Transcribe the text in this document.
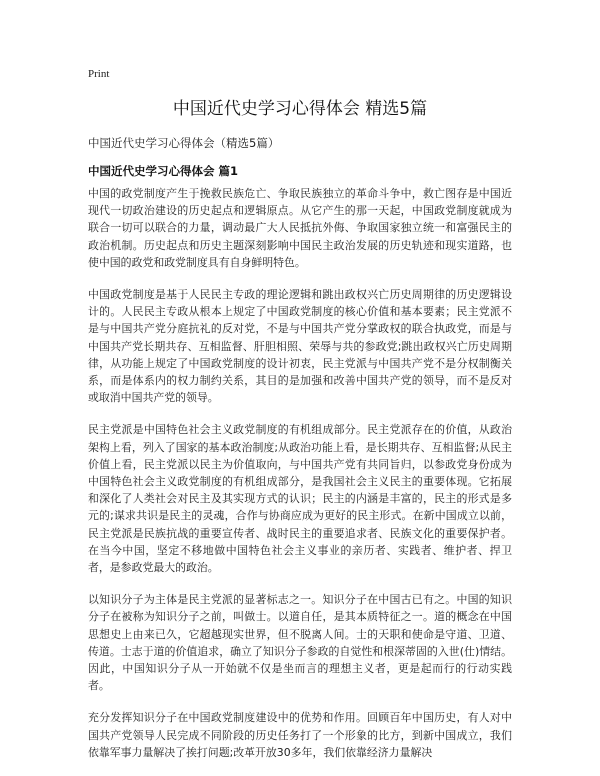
Print
中国近代史学习心得体会 精选5篇
中国近代史学习心得体会（精选5篇）
中国近代史学习心得体会 篇1

中国的政党制度产生于挽救民族危亡、争取民族独立的革命斗争中，救亡图存是中国近现代一切政治建设的历史起点和逻辑原点。从它产生的那一天起，中国政党制度就成为联合一切可以联合的力量，调动最广大人民抵抗外侮、争取国家独立统一和富强民主的政治机制。历史起点和历史主题深刻影响中国民主政治发展的历史轨迹和现实道路，也使中国的政党和政党制度具有自身鲜明特色。

中国政党制度是基于人民民主专政的理论逻辑和跳出政权兴亡历史周期律的历史逻辑设计的。人民民主专政从根本上规定了中国政党制度的核心价值和基本要素；民主党派不是与中国共产党分庭抗礼的反对党，不是与中国共产党分掌政权的联合执政党，而是与中国共产党长期共存、互相监督、肝胆相照、荣辱与共的参政党;跳出政权兴亡历史周期律，从功能上规定了中国政党制度的设计初衷，民主党派与中国共产党不是分权制衡关系，而是体系内的权力制约关系，其目的是加强和改善中国共产党的领导，而不是反对或取消中国共产党的领导。

民主党派是中国特色社会主义政党制度的有机组成部分。民主党派存在的价值，从政治架构上看，列入了国家的基本政治制度;从政治功能上看，是长期共存、互相监督;从民主价值上看，民主党派以民主为价值取向，与中国共产党有共同旨归，以参政党身份成为中国特色社会主义政党制度的有机组成部分，是我国社会主义民主的重要体现。它拓展和深化了人类社会对民主及其实现方式的认识；民主的内涵是丰富的，民主的形式是多元的;谋求共识是民主的灵魂，合作与协商应成为更好的民主形式。在新中国成立以前，民主党派是民族抗战的重要宣传者、战时民主的重要追求者、民族文化的重要保护者。在当今中国，坚定不移地做中国特色社会主义事业的亲历者、实践者、维护者、捍卫者，是参政党最大的政治。

以知识分子为主体是民主党派的显著标志之一。知识分子在中国古已有之。中国的知识分子在被称为知识分子之前，叫做士。以道自任，是其本质特征之一。道的概念在中国思想史上由来已久，它超越现实世界，但不脱离人间。士的天职和使命是守道、卫道、传道。士志于道的价值追求，确立了知识分子参政的自觉性和根深蒂固的入世(仕)情结。因此，中国知识分子从一开始就不仅是坐而言的理想主义者，更是起而行的行动实践者。

充分发挥知识分子在中国政党制度建设中的优势和作用。回顾百年中国历史，有人对中国共产党领导人民完成不同阶段的历史任务打了一个形象的比方，到新中国成立，我们依靠军事力量解决了挨打问题;改革开放30多年，我们依靠经济力量解决
